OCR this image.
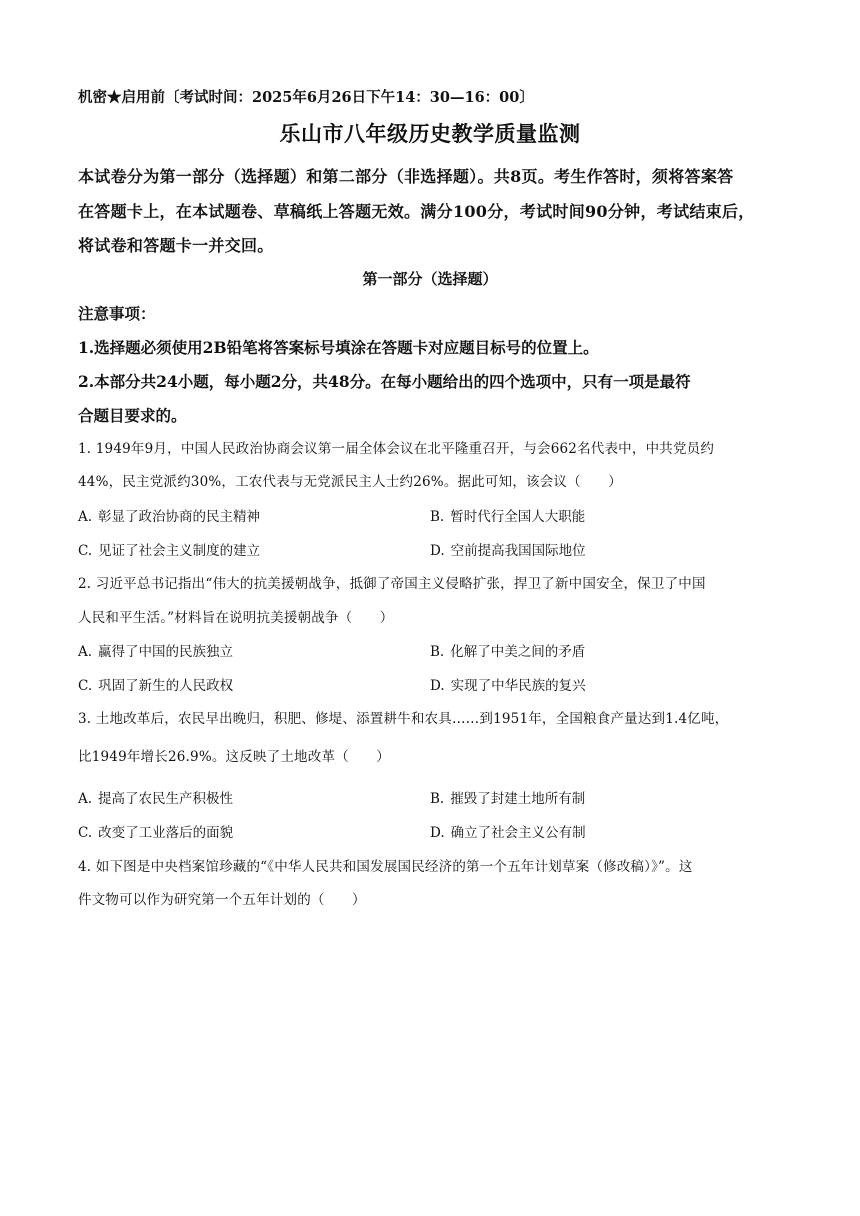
机密★启用前〔考试时间：2025年6月26日下午14：30—16：00〕
乐山市八年级历史教学质量监测
本试卷分为第一部分（选择题）和第二部分（非选择题）。共8页。考生作答时，须将答案答
在答题卡上，在本试题卷、草稿纸上答题无效。满分100分，考试时间90分钟，考试结束后，
将试卷和答题卡一并交回。
第一部分（选择题）
注意事项：
1.选择题必须使用2B铅笔将答案标号填涂在答题卡对应题目标号的位置上。
2.本部分共24小题，每小题2分，共48分。在每小题给出的四个选项中，只有一项是最符
合题目要求的。
1. 1949年9月，中国人民政治协商会议第一届全体会议在北平隆重召开，与会662名代表中，中共党员约
44%，民主党派约30%，工农代表与无党派民主人士约26%。据此可知，该会议（　　）
A. 彰显了政治协商的民主精神	B. 暂时代行全国人大职能
C. 见证了社会主义制度的建立	D. 空前提高我国国际地位
2. 习近平总书记指出“伟大的抗美援朝战争，抵御了帝国主义侵略扩张，捍卫了新中国安全，保卫了中国
人民和平生活。”材料旨在说明抗美援朝战争（　　）
A. 赢得了中国的民族独立	B. 化解了中美之间的矛盾
C. 巩固了新生的人民政权	D. 实现了中华民族的复兴
3. 土地改革后，农民早出晚归，积肥、修堤、添置耕牛和农具……到1951年，全国粮食产量达到1.4亿吨，
比1949年增长26.9%。这反映了土地改革（　　）
A. 提高了农民生产积极性	B. 摧毁了封建土地所有制
C. 改变了工业落后的面貌	D. 确立了社会主义公有制
4. 如下图是中央档案馆珍藏的“《中华人民共和国发展国民经济的第一个五年计划草案（修改稿）》”。这
件文物可以作为研究第一个五年计划的（　　）
